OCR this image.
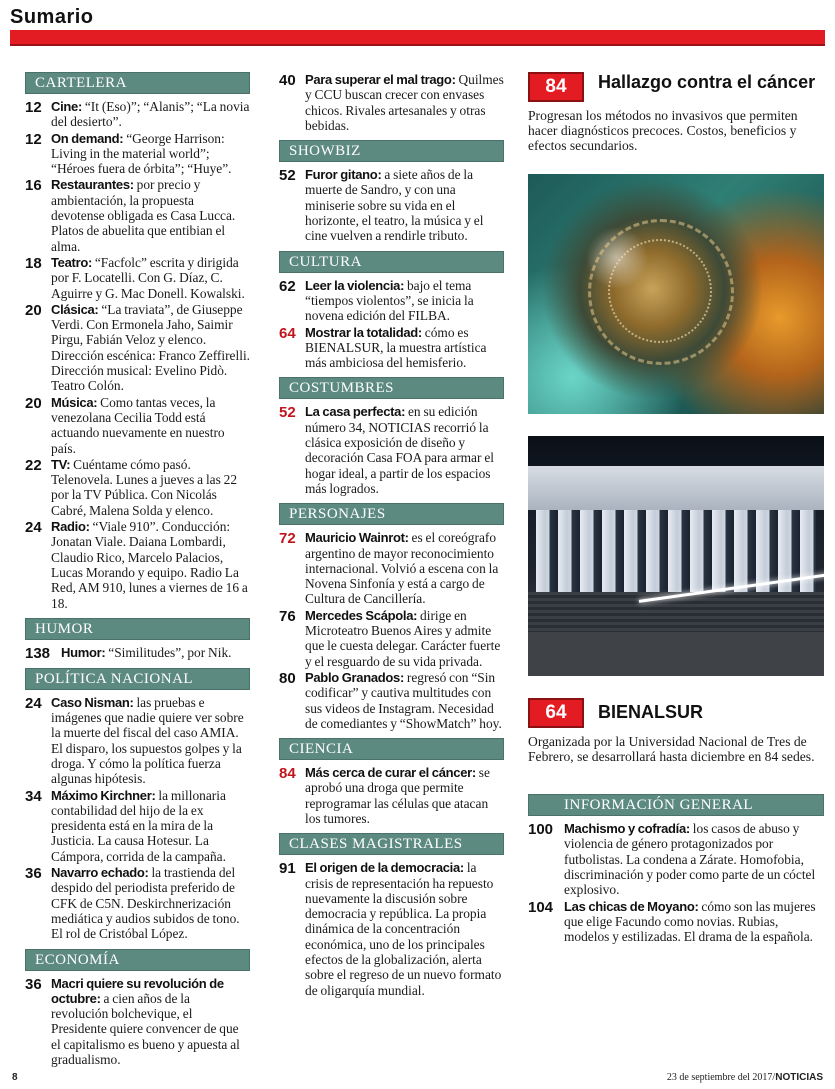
Sumario
CARTELERA
12 Cine: “It (Eso)”; “Alanis”; “La novia del desierto”.
12 On demand: “George Harrison: Living in the material world”; “Héroes fuera de órbita”; “Huye”.
16 Restaurantes: por precio y ambientación, la propuesta devotense obligada es Casa Lucca. Platos de abuelita que entibian el alma.
18 Teatro: “Facfolc” escrita y dirigida por F. Locatelli. Con G. Díaz, C. Aguirre y G. Mac Donell. Kowalski.
20 Clásica: “La traviata”, de Giuseppe Verdi. Con Ermonela Jaho, Saimir Pirgu, Fabián Veloz y elenco. Dirección escénica: Franco Zeffirelli. Dirección musical: Evelino Pidò. Teatro Colón.
20 Música: Como tantas veces, la venezolana Cecilia Todd está actuando nuevamente en nuestro país.
22 TV: Cuéntame cómo pasó. Telenovela. Lunes a jueves a las 22 por la TV Pública. Con Nicolás Cabré, Malena Solda y elenco.
24 Radio: “Viale 910”. Conducción: Jonatan Viale. Daiana Lombardi, Claudio Rico, Marcelo Palacios, Lucas Morando y equipo. Radio La Red, AM 910, lunes a viernes de 16 a 18.
HUMOR
138 Humor: “Similitudes”, por Nik.
POLÍTICA NACIONAL
24 Caso Nisman: las pruebas e imágenes que nadie quiere ver sobre la muerte del fiscal del caso AMIA. El disparo, los supuestos golpes y la droga. Y cómo la política fuerza algunas hipótesis.
34 Máximo Kirchner: la millonaria contabilidad del hijo de la ex presidenta está en la mira de la Justicia. La causa Hotesur. La Cámpora, corrida de la campaña.
36 Navarro echado: la trastienda del despido del periodista preferido de CFK de C5N. Deskirchnerización mediática y audios subidos de tono. El rol de Cristóbal López.
ECONOMÍA
36 Macri quiere su revolución de octubre: a cien años de la revolución bolchevique, el Presidente quiere convencer de que el capitalismo es bueno y apuesta al gradualismo.
40 Para superar el mal trago: Quilmes y CCU buscan crecer con envases chicos. Rivales artesanales y otras bebidas.
SHOWBIZ
52 Furor gitano: a siete años de la muerte de Sandro, y con una miniserie sobre su vida en el horizonte, el teatro, la música y el cine vuelven a rendirle tributo.
CULTURA
62 Leer la violencia: bajo el tema “tiempos violentos”, se inicia la novena edición del FILBA.
64 Mostrar la totalidad: cómo es BIENALSUR, la muestra artística más ambiciosa del hemisferio.
COSTUMBRES
52 La casa perfecta: en su edición número 34, NOTICIAS recorrió la clásica exposición de diseño y decoración Casa FOA para armar el hogar ideal, a partir de los espacios más logrados.
PERSONAJES
72 Mauricio Wainrot: es el coreógrafo argentino de mayor reconocimiento internacional. Volvió a escena con la Novena Sinfonía y está a cargo de Cultura de Cancillería.
76 Mercedes Scápola: dirige en Microteatro Buenos Aires y admite que le cuesta delegar. Carácter fuerte y el resguardo de su vida privada.
80 Pablo Granados: regresó con “Sin codificar” y cautiva multitudes con sus videos de Instagram. Necesidad de comediantes y “ShowMatch” hoy.
CIENCIA
84 Más cerca de curar el cáncer: se aprobó una droga que permite reprogramar las células que atacan los tumores.
CLASES MAGISTRALES
91 El origen de la democracia: la crisis de representación ha repuesto nuevamente la discusión sobre democracia y república. La propia dinámica de la concentración económica, uno de los principales efectos de la globalización, alerta sobre el regreso de un nuevo formato de oligarquía mundial.
84	Hallazgo contra el cáncer
Progresan los métodos no invasivos que permiten hacer diagnósticos precoces. Costos, beneficios y efectos secundarios.
64	BIENALSUR
Organizada por la Universidad Nacional de Tres de Febrero, se desarrollará hasta diciembre en 84 sedes.
INFORMACIÓN GENERAL
100 Machismo y cofradía: los casos de abuso y violencia de género protagonizados por futbolistas. La condena a Zárate. Homofobia, discriminación y poder como parte de un cóctel explosivo.
104 Las chicas de Moyano: cómo son las mujeres que elige Facundo como novias. Rubias, modelos y estilizadas. El drama de la española.
8	23 de septiembre del 2017/NOTICIAS
